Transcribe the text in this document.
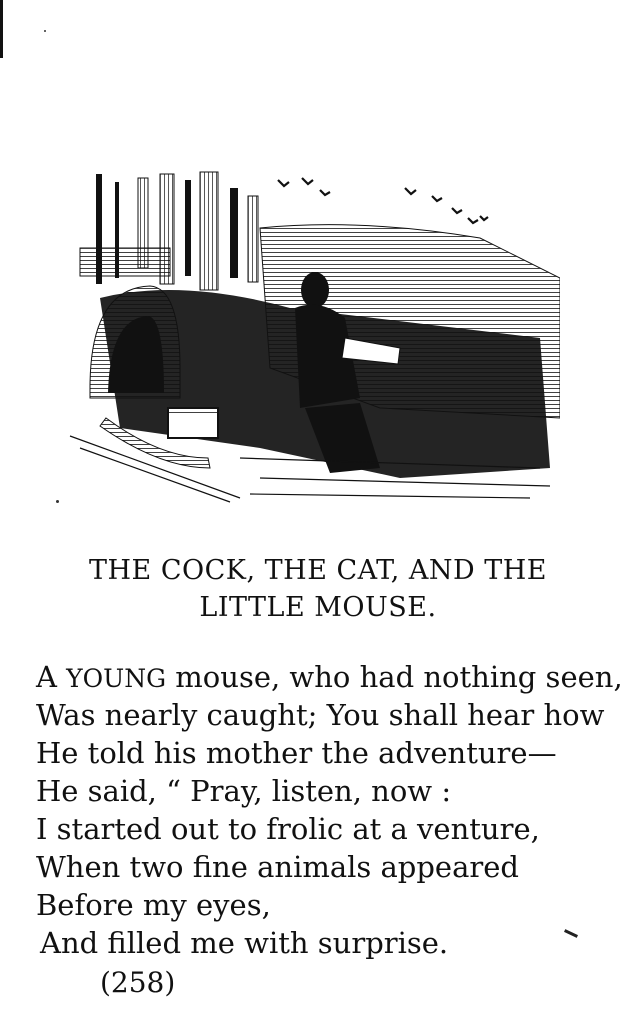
THE COCK, THE CAT, AND THE
LITTLE MOUSE.
A YOUNG mouse, who had nothing seen,
Was nearly caught; You shall hear how
He told his mother the adventure—
He said, “ Pray, listen, now :
I started out to frolic at a venture,
When two fine animals appeared
Before my eyes,
And filled me with surprise.
(258)
